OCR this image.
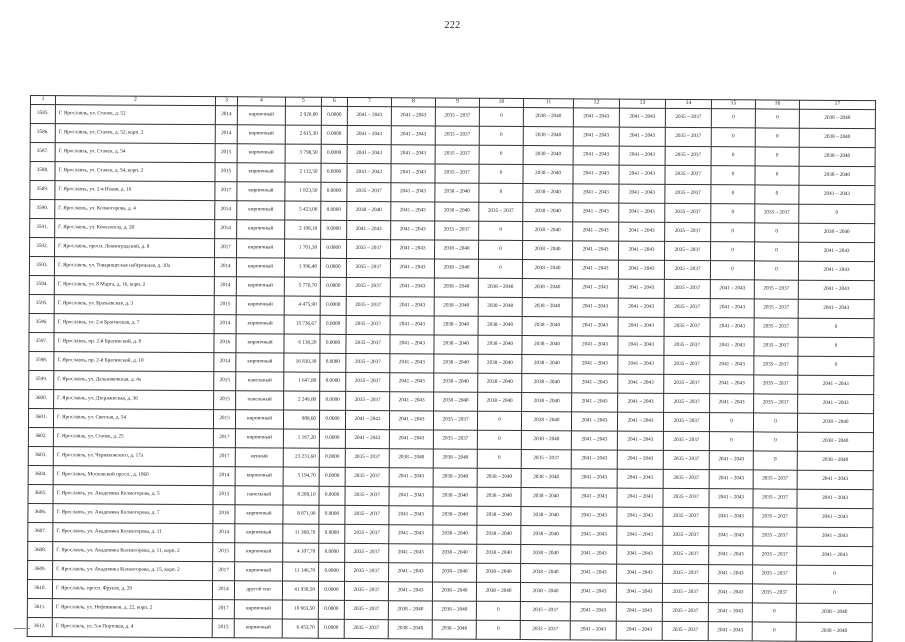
222
1	2	3	4	5	6	7	8	9	10	11	12	13	14	15	16	17
3585.	Г. Ярославль, ул. Стачек, д. 52	2014	кирпичный	2 920,00	0.0000	2041 – 2043	2041 – 2043	2035 – 2037	0	2038 – 2040	2041 – 2043	2041 – 2043	2035 – 2037	0	0	2038 – 2040
3586.	Г. Ярославль, ул. Стачек, д. 52, корп. 2	2014	кирпичный	2 615,30	0.0000	2041 – 2043	2041 – 2043	2035 – 2037	0	2038 – 2040	2041 – 2043	2041 – 2043	2035 – 2037	0	0	2038 – 2040
3587.	Г. Ярославль, ул. Стачек, д. 54	2015	кирпичный	3 798,50	0.0000	2041 – 2043	2041 – 2043	2035 – 2037	0	2038 – 2040	2041 – 2043	2041 – 2043	2035 – 2037	0	0	2038 – 2040
3588.	Г. Ярославль, ул. Стачек, д. 54, корп. 2	2015	кирпичный	2 112,50	0.0000	2041 – 2043	2041 – 2043	2035 – 2037	0	2038 – 2040	2041 – 2043	2041 – 2043	2035 – 2037	0	0	2038 – 2040
3589.	Г. Ярославль, ул. 2-я Новая, д. 16	2017	кирпичный	1 823,50	0.0000	2035 – 2037	2041 – 2043	2038 – 2040	0	2038 – 2040	2041 – 2043	2041 – 2043	2035 – 2037	0	0	2041 – 2043
3590.	Г. Ярославль, ул. Колмогорова, д. 4	2014	кирпичный	5 423,00	0.0000	2038 – 2040	2041 – 2043	2038 – 2040	2035 – 2037	2038 – 2040	2041 – 2043	2041 – 2043	2035 – 2037	0	2035 – 2037	0
3591.	Г. Ярославль, ул. Комсомола, д. 28	2014	кирпичный	2 108,10	0.0000	2041 – 2043	2041 – 2043	2035 – 2037	0	2038 – 2040	2041 – 2043	2041 – 2043	2035 – 2037	0	0	2038 – 2040
3592.	Г. Ярославль, просп. Ленинградский, д. 8	2017	кирпичный	1 701,30	0.0000	2035 – 2037	2041 – 2043	2038 – 2040	0	2038 – 2040	2041 – 2043	2041 – 2043	2035 – 2037	0	0	2041 – 2043
3593.	Г. Ярославль, ул. Товарищеская набережная, д. 10а	2014	кирпичный	1 396,40	0.0000	2035 – 2037	2041 – 2043	2038 – 2040	0	2038 – 2040	2041 – 2043	2041 – 2043	2035 – 2037	0	0	2041 – 2043
3594.	Г. Ярославль, ул. 8 Марта, д. 16, корп. 2	2014	кирпичный	5 770,70	0.0000	2035 – 2037	2041 – 2043	2038 – 2040	2038 – 2040	2038 – 2040	2041 – 2043	2041 – 2043	2035 – 2037	2041 – 2043	2035 – 2037	2041 – 2043
3595.	Г. Ярославль, ул. Братьевская, д. 3	2015	кирпичный	4 475,90	0.0000	2035 – 2037	2041 – 2043	2038 – 2040	2038 – 2040	2038 – 2040	2041 – 2043	2041 – 2043	2035 – 2037	2041 – 2043	2035 – 2037	2041 – 2043
3596.	Г. Ярославль, ул. 2-я Брагинская, д. 7	2014	кирпичный	15 736,67	0.0000	2035 – 2037	2041 – 2043	2038 – 2040	2038 – 2040	2038 – 2040	2041 – 2043	2041 – 2043	2035 – 2037	2041 – 2043	2035 – 2037	0
3597.	Г. Ярославль, пр. 2-й Брагинский, д. 8	2016	кирпичный	6 138,20	0.0000	2035 – 2037	2041 – 2043	2038 – 2040	2038 – 2040	2038 – 2040	2041 – 2043	2041 – 2043	2035 – 2037	2041 – 2043	2035 – 2037	0
3598.	Г. Ярославль, пр. 2-й Брагинский, д. 10	2014	кирпичный	16 810,30	0.0000	2035 – 2037	2041 – 2043	2038 – 2040	2038 – 2040	2038 – 2040	2041 – 2043	2041 – 2043	2035 – 2037	2041 – 2043	2035 – 2037	0
3599.	Г. Ярославль, ул. Дальняковская, д. 4а	2015	панельный	1 647,80	0.0000	2035 – 2037	2041 – 2043	2038 – 2040	2038 – 2040	2038 – 2040	2041 – 2043	2041 – 2043	2035 – 2037	2041 – 2043	2035 – 2037	2041 – 2043
3600.	Г. Ярославль, ул. Дзержинская, д. 36	2015	панельный	2 249,00	0.0000	2035 – 2037	2041 – 2043	2038 – 2040	2038 – 2040	2038 – 2040	2041 – 2043	2041 – 2043	2035 – 2037	2041 – 2043	2035 – 2037	2041 – 2043
3601.	Г. Ярославль, ул. Светлая, д. 54	2015	кирпичный	988,60	0.0000	2041 – 2043	2041 – 2043	2035 – 2037	0	2038 – 2040	2041 – 2043	2041 – 2043	2035 – 2037	0	0	2038 – 2040
3602.	Г. Ярославль, ул. Стачек, д. 25	2017	кирпичный	1 167,20	0.0000	2041 – 2043	2041 – 2043	2035 – 2037	0	2038 – 2040	2041 – 2043	2041 – 2043	2035 – 2037	0	0	2038 – 2040
3603.	Г. Ярославль, ул. Черняховского, д. 17а	2017	иенный	23 231,60	0.0000	2035 – 2037	2038 – 2040	2038 – 2040	0	2035 – 2037	2041 – 2043	2041 – 2043	2035 – 2037	2041 – 2043	0	2038 – 2040
3604.	Г. Ярославль, Московский просп., д. 106б	2014	кирпичный	5 194,70	0.0000	2035 – 2037	2041 – 2043	2038 – 2040	2038 – 2040	2038 – 2040	2041 – 2043	2041 – 2043	2035 – 2037	2041 – 2043	2035 – 2037	2041 – 2043
3605.	Г. Ярославль, ул. Академика Колмогорова, д. 5	2015	панельный	8 208,10	0.0000	2035 – 2037	2041 – 2043	2038 – 2040	2038 – 2040	2038 – 2040	2041 – 2043	2041 – 2043	2035 – 2037	2041 – 2043	2035 – 2037	2041 – 2043
3606.	Г. Ярославль, ул. Академика Колмогорова, д. 7	2016	кирпичный	8 871,90	0.0000	2035 – 2037	2041 – 2043	2038 – 2040	2038 – 2040	2038 – 2040	2041 – 2043	2041 – 2043	2035 – 2037	2041 – 2043	2035 – 2037	2041 – 2043
3607.	Г. Ярославль, ул. Академика Колмогорова, д. 11	2014	кирпичный	11 368,70	0.0000	2035 – 2037	2041 – 2043	2038 – 2040	2038 – 2040	2038 – 2040	2041 – 2043	2041 – 2043	2035 – 2037	2041 – 2043	2035 – 2037	2041 – 2043
3608.	Г. Ярославль, ул. Академика Колмогорова, д. 11, корп. 2	2015	кирпичный	4 107,70	0.0000	2035 – 2037	2041 – 2043	2038 – 2040	2038 – 2040	2038 – 2040	2041 – 2043	2041 – 2043	2035 – 2037	2041 – 2043	2035 – 2037	2041 – 2043
3609.	Г. Ярославль, ул. Академика Колмогорова, д. 15, корп. 2	2017	кирпичный	11 146,70	0.0000	2035 – 2037	2041 – 2043	2038 – 2040	2038 – 2040	2038 – 2040	2041 – 2043	2041 – 2043	2035 – 2037	2041 – 2043	2035 – 2037	0
3610.	Г. Ярославль, просп. Фрунзе, д. 29	2014	другой тип	41 938,50	0.0000	2035 – 2037	2041 – 2043	2038 – 2040	2038 – 2040	2038 – 2040	2041 – 2043	2041 – 2043	2035 – 2037	2041 – 2043	2035 – 2037	0
3611.	Г. Ярославль, ул. Нефтяников, д. 22, корп. 2	2017	кирпичный	10 663,50	0.0000	2035 – 2037	2038 – 2040	2038 – 2040	0	2035 – 2037	2041 – 2043	2041 – 2043	2035 – 2037	2041 – 2043	0	2038 – 2040
3612.	Г. Ярославль, ул. 5-я Портовая, д. 4	2015	кирпичный	6 453,70	0.0000	2035 – 2037	2038 – 2040	2038 – 2040	0	2035 – 2037	2041 – 2043	2041 – 2043	2035 – 2037	2041 – 2043	0	2038 – 2040
